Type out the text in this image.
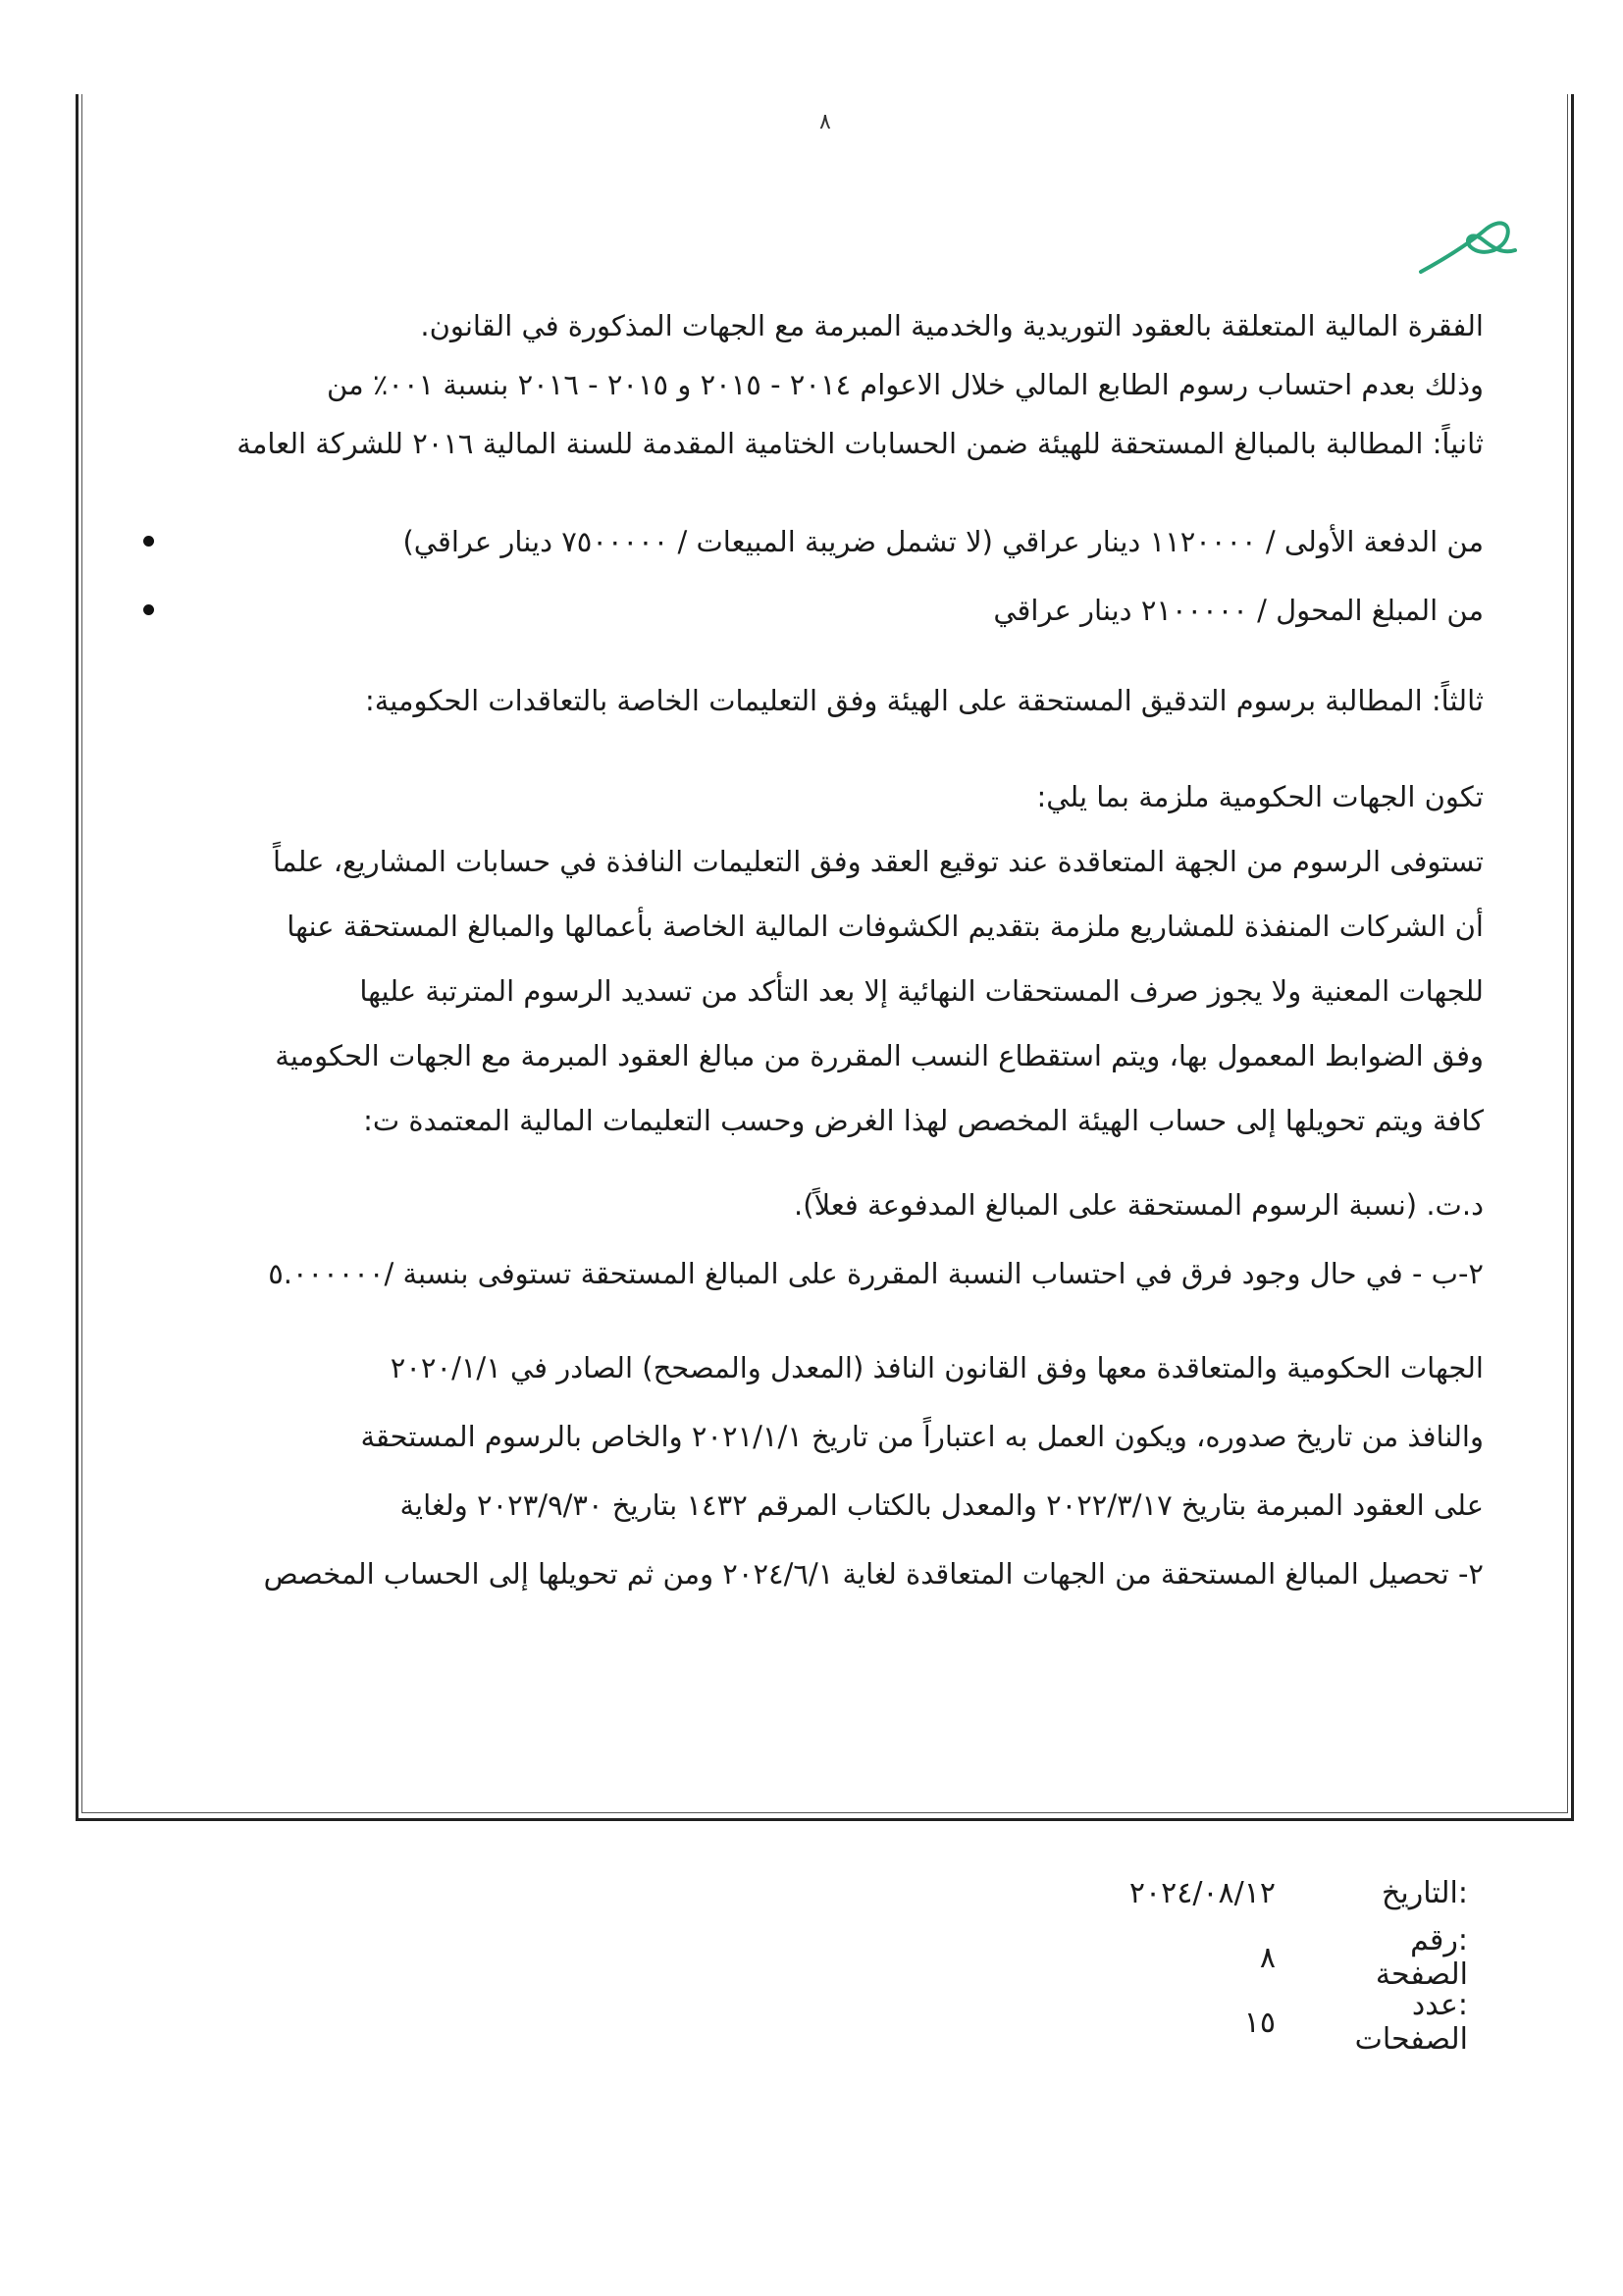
٨
الفقرة المالية المتعلقة بالعقود التوريدية والخدمية المبرمة مع الجهات المذكورة في القانون.
وذلك بعدم احتساب رسوم الطابع المالي خلال الاعوام ٢٠١٤ - ٢٠١٥ و ٢٠١٥ - ٢٠١٦ بنسبة ٠٠١٪ من
ثانياً: المطالبة بالمبالغ المستحقة للهيئة ضمن الحسابات الختامية المقدمة للسنة المالية ٢٠١٦ للشركة العامة
من الدفعة الأولى / ١١٢٠٠٠٠ دينار عراقي (لا تشمل ضريبة المبيعات / ٧٥٠٠٠٠٠ دينار عراقي)
من المبلغ المحول / ٢١٠٠٠٠٠ دينار عراقي
ثالثاً: المطالبة برسوم التدقيق المستحقة على الهيئة وفق التعليمات الخاصة بالتعاقدات الحكومية:
تكون الجهات الحكومية ملزمة بما يلي:
تستوفى الرسوم من الجهة المتعاقدة عند توقيع العقد وفق التعليمات النافذة في حسابات المشاريع، علماً
أن الشركات المنفذة للمشاريع ملزمة بتقديم الكشوفات المالية الخاصة بأعمالها والمبالغ المستحقة عنها
للجهات المعنية ولا يجوز صرف المستحقات النهائية إلا بعد التأكد من تسديد الرسوم المترتبة عليها
وفق الضوابط المعمول بها، ويتم استقطاع النسب المقررة من مبالغ العقود المبرمة مع الجهات الحكومية
كافة ويتم تحويلها إلى حساب الهيئة المخصص لهذا الغرض وحسب التعليمات المالية المعتمدة ت:
د.ت. (نسبة الرسوم المستحقة على المبالغ المدفوعة فعلاً).
٢-ب - في حال وجود فرق في احتساب النسبة المقررة على المبالغ المستحقة تستوفى بنسبة /٥.٠٠٠٠٠٠
الجهات الحكومية والمتعاقدة معها وفق القانون النافذ (المعدل والمصحح) الصادر في ٢٠٢٠/١/١
والنافذ من تاريخ صدوره، ويكون العمل به اعتباراً من تاريخ ٢٠٢١/١/١ والخاص بالرسوم المستحقة
على العقود المبرمة بتاريخ ٢٠٢٢/٣/١٧ والمعدل بالكتاب المرقم ١٤٣٢ بتاريخ ٢٠٢٣/٩/٣٠ ولغاية
٢- تحصيل المبالغ المستحقة من الجهات المتعاقدة لغاية ٢٠٢٤/٦/١ ومن ثم تحويلها إلى الحساب المخصص
:التاريخ
٢٠٢٤/٠٨/١٢
:رقم الصفحة
٨
:عدد الصفحات
١٥
